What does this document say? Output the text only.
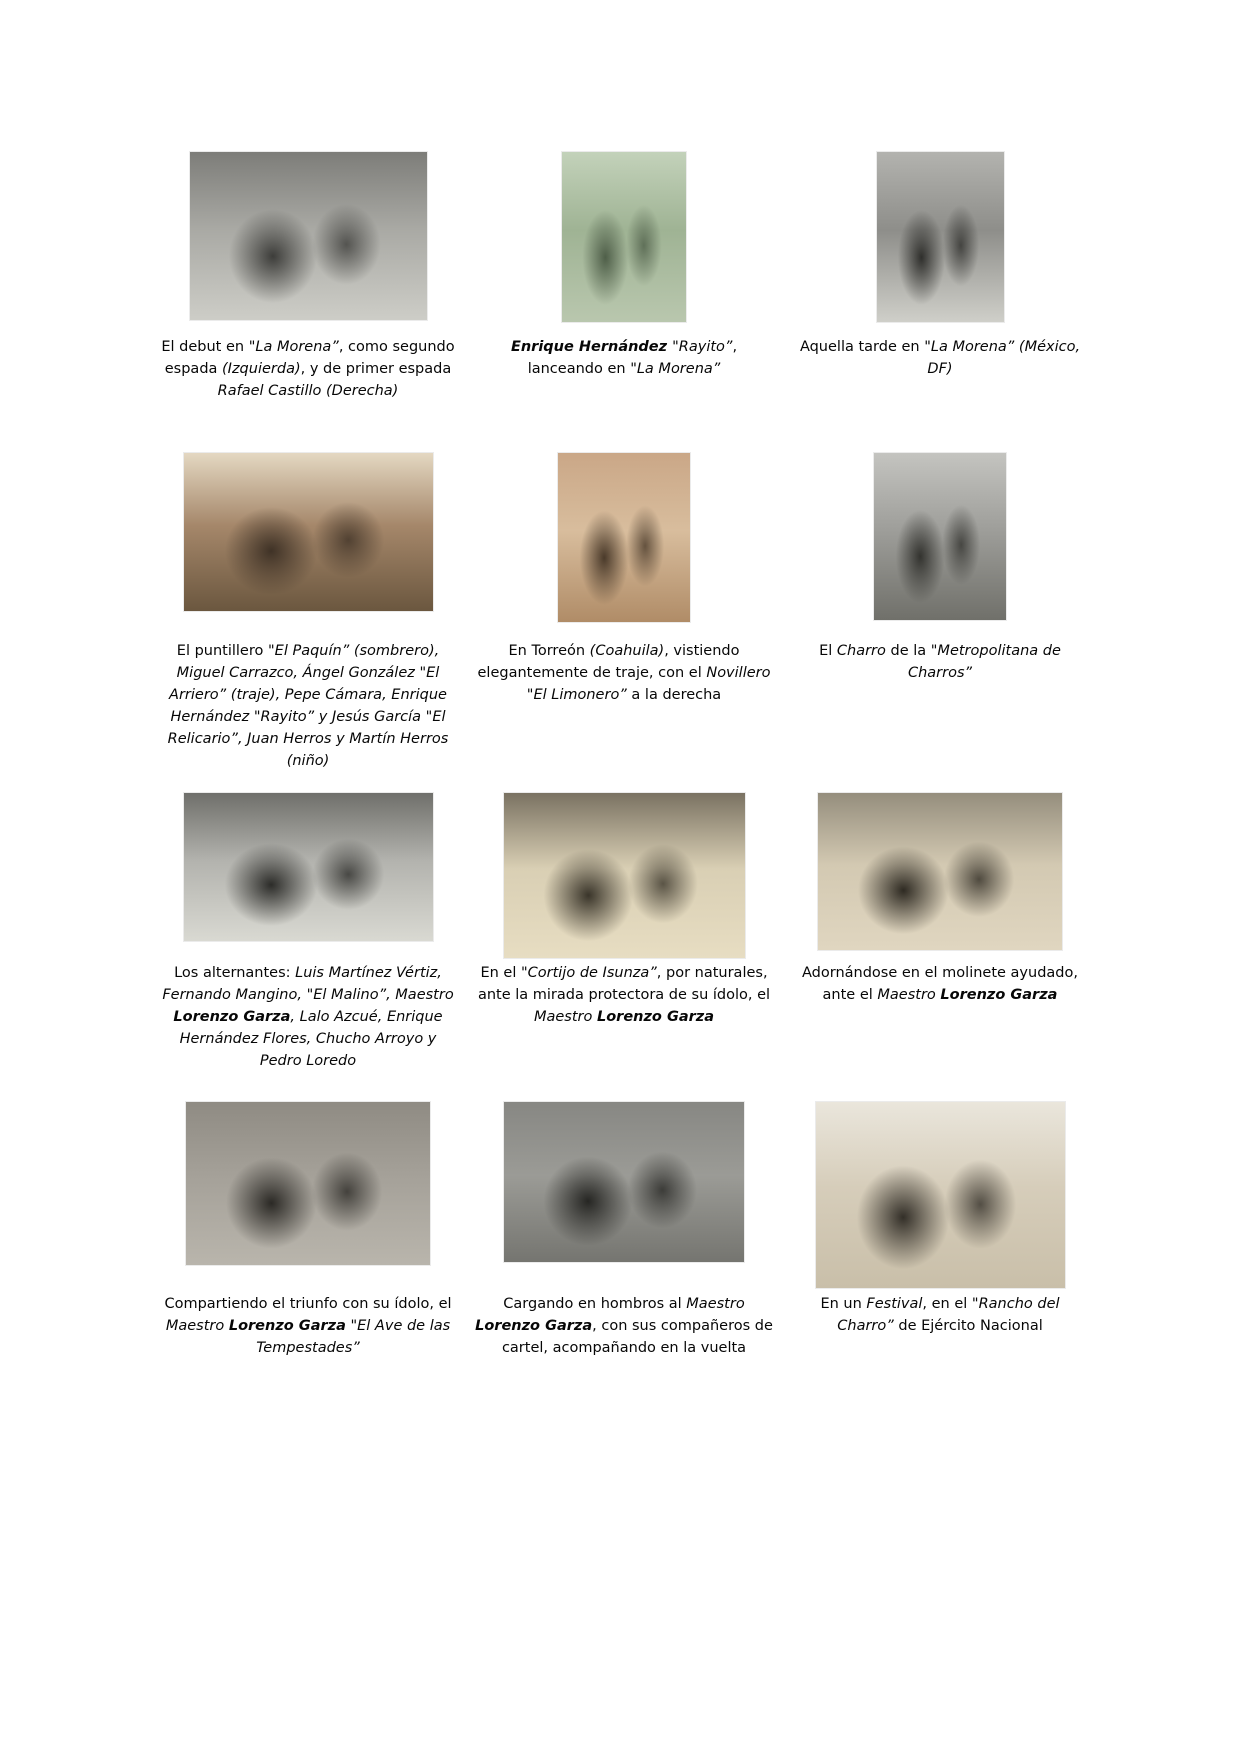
El debut en "La Morena”, como segundo espada (Izquierda), y de primer espada Rafael Castillo (Derecha)

Enrique Hernández "Rayito”, lanceando en "La Morena”

Aquella tarde en "La Morena” (México, DF)

El puntillero "El Paquín” (sombrero), Miguel Carrazco, Ángel González "El Arriero” (traje), Pepe Cámara, Enrique Hernández "Rayito” y Jesús García "El Relicario”, Juan Herros y Martín Herros (niño)

En Torreón (Coahuila), vistiendo elegantemente de traje, con el Novillero "El Limonero” a la derecha

El Charro de la "Metropolitana de Charros”

Los alternantes: Luis Martínez Vértiz, Fernando Mangino, "El Malino”, Maestro Lorenzo Garza, Lalo Azcué, Enrique Hernández Flores, Chucho Arroyo y Pedro Loredo

En el "Cortijo de Isunza”, por naturales, ante la mirada protectora de su ídolo, el Maestro Lorenzo Garza

Adornándose en el molinete ayudado, ante el Maestro Lorenzo Garza

Compartiendo el triunfo con su ídolo, el Maestro Lorenzo Garza "El Ave de las Tempestades”

Cargando en hombros al Maestro Lorenzo Garza, con sus compañeros de cartel, acompañando en la vuelta

En un Festival, en el "Rancho del Charro” de Ejército Nacional
